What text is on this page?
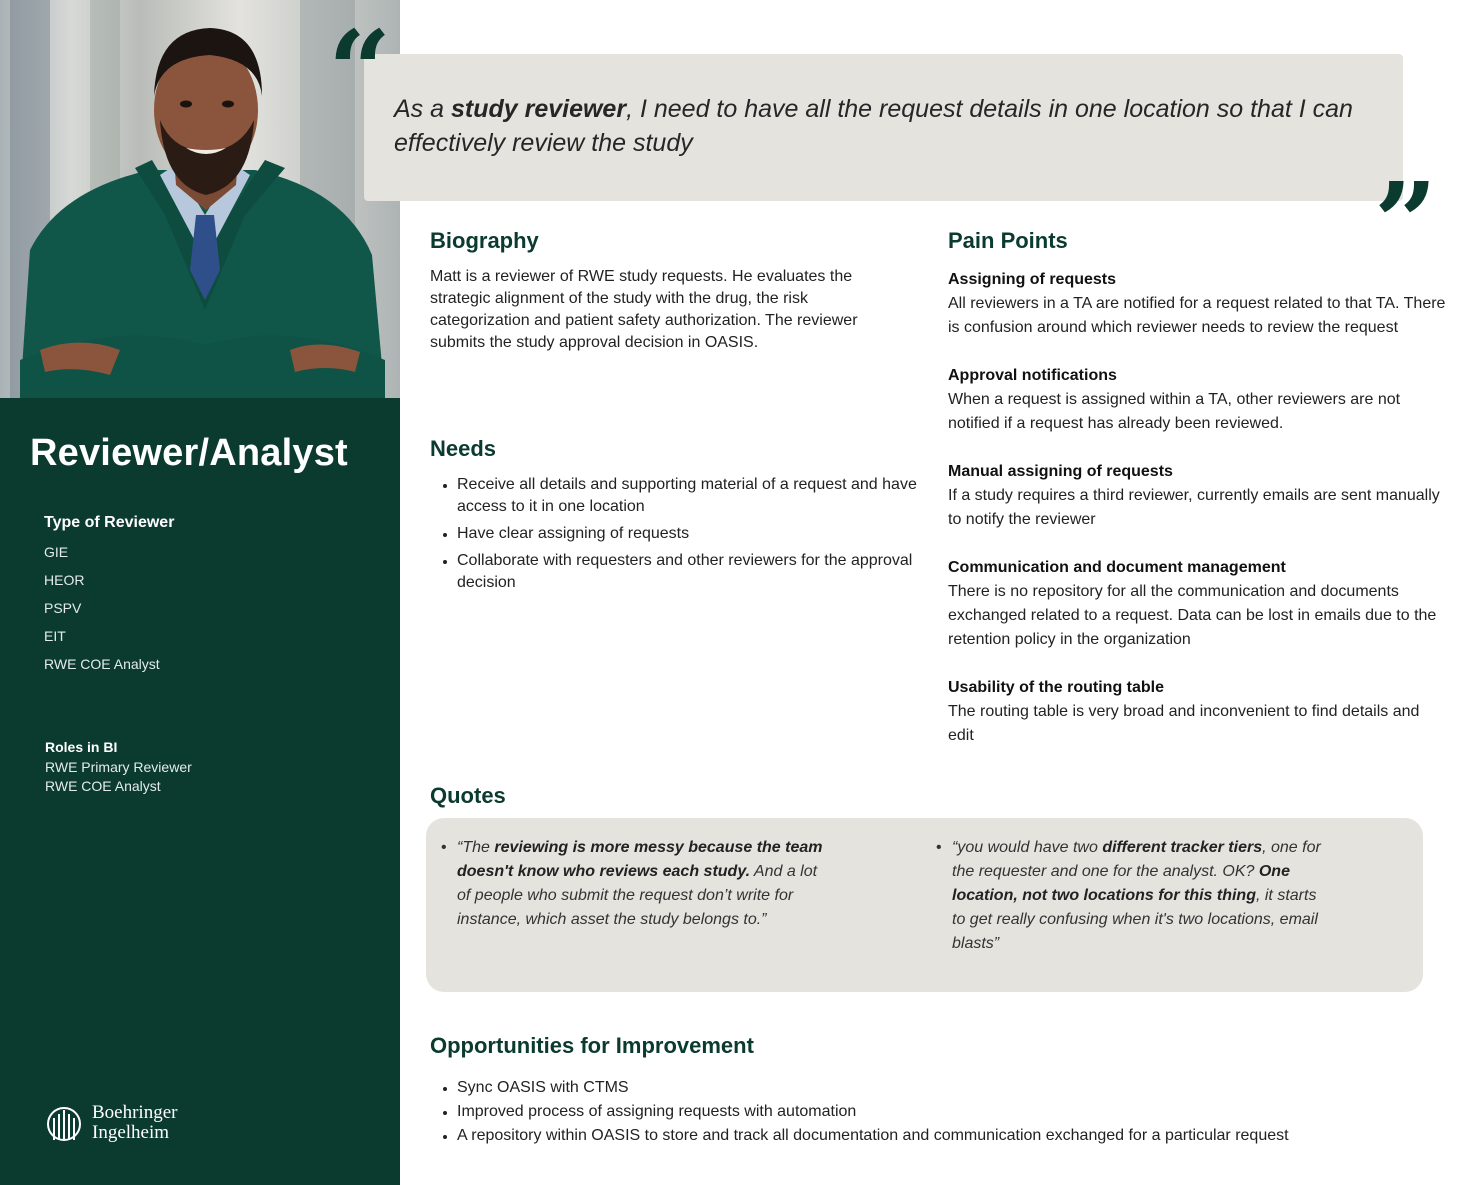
Reviewer/Analyst
Type of Reviewer
GIE
HEOR
PSPV
EIT
RWE COE Analyst
Roles in BI
RWE Primary Reviewer
RWE COE Analyst
Boehringer
Ingelheim
“ As a study reviewer, I need to have all the request details in one location so that I can effectively review the study
”
Biography
Matt is a reviewer of RWE study requests. He evaluates the strategic alignment of the study with the drug, the risk categorization and patient safety authorization. The reviewer submits the study approval decision in OASIS.
Needs
• Receive all details and supporting material of a request and have access to it in one location
• Have clear assigning of requests
• Collaborate with requesters and other reviewers for the approval decision
Pain Points
Assigning of requests
All reviewers in a TA are notified for a request related to that TA. There is confusion around which reviewer needs to review the request
Approval notifications
When a request is assigned within a TA, other reviewers are not notified if a request has already been reviewed.
Manual assigning of requests
If a study requires a third reviewer, currently emails are sent manually to notify the reviewer
Communication and document management
There is no repository for all the communication and documents exchanged related to a request. Data can be lost in emails due to the retention policy in the organization
Usability of the routing table
The routing table is very broad and inconvenient to find details and edit
Quotes
• “The reviewing is more messy because the team doesn't know who reviews each study. And a lot of people who submit the request don’t write for instance, which asset the study belongs to.”
• “you would have two different tracker tiers, one for the requester and one for the analyst. OK? One location, not two locations for this thing, it starts to get really confusing when it's two locations, email blasts”
Opportunities for Improvement
• Sync OASIS with CTMS
• Improved process of assigning requests with automation
• A repository within OASIS to store and track all documentation and communication exchanged for a particular request
